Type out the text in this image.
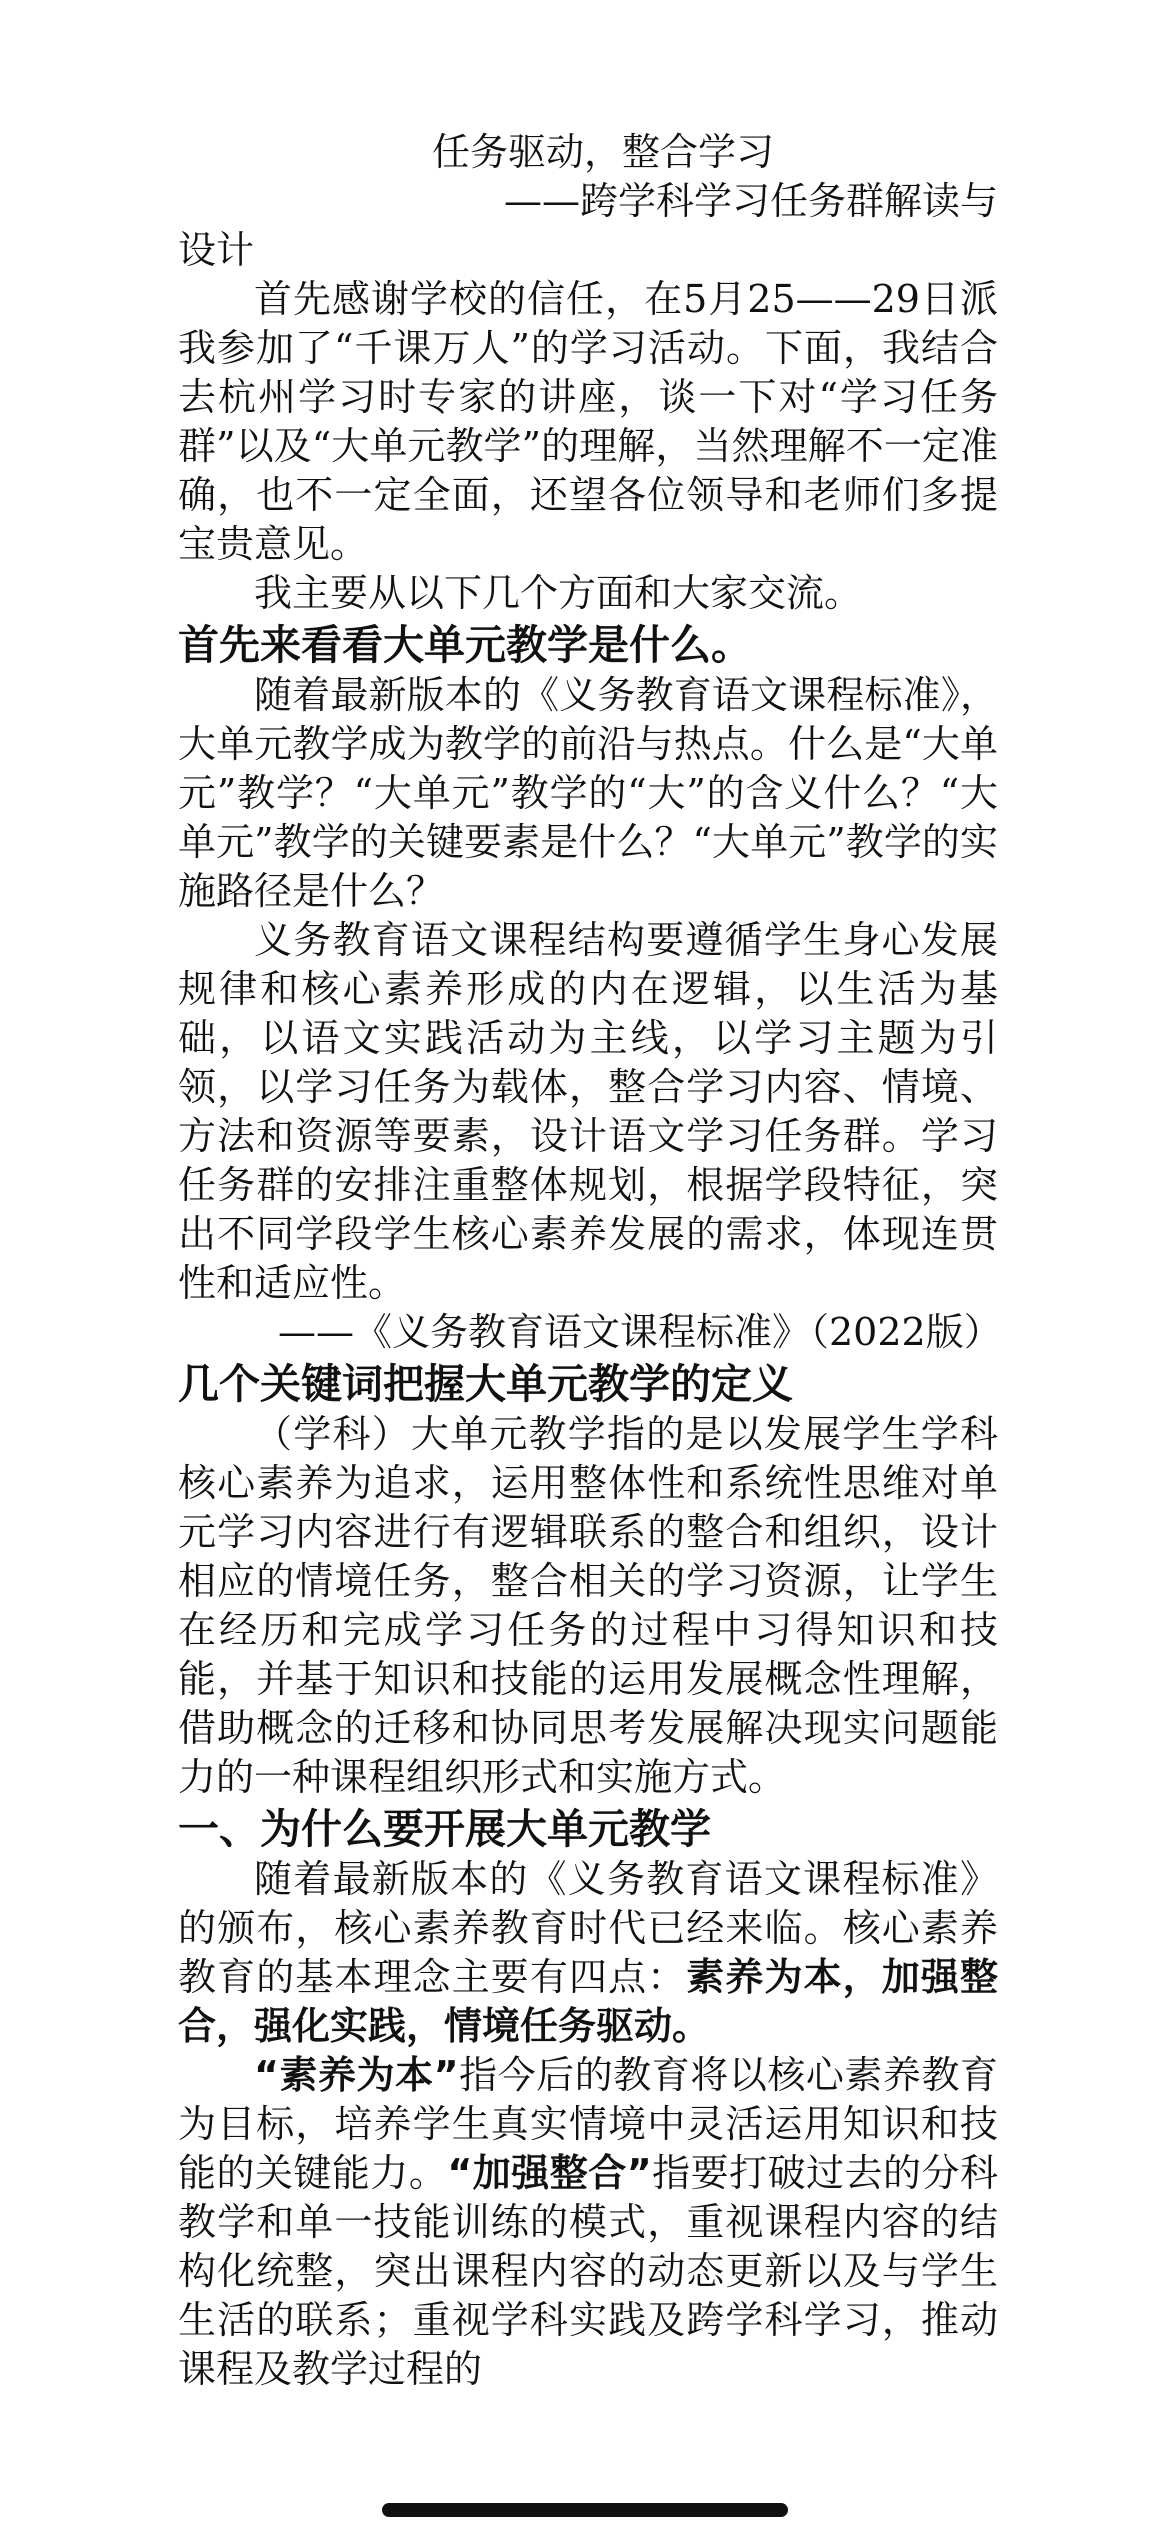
任务驱动，整合学习

——跨学科学习任务群解读与

设计

首先感谢学校的信任，在5月25——29日派我参加了“千课万人”的学习活动。下面，我结合去杭州学习时专家的讲座，谈一下对“学习任务群”以及“大单元教学”的理解，当然理解不一定准确，也不一定全面，还望各位领导和老师们多提宝贵意见。

我主要从以下几个方面和大家交流。

首先来看看大单元教学是什么。

随着最新版本的《义务教育语文课程标准》，大单元教学成为教学的前沿与热点。什么是“大单元”教学？“大单元”教学的“大”的含义什么？“大单元”教学的关键要素是什么？“大单元”教学的实施路径是什么？

义务教育语文课程结构要遵循学生身心发展规律和核心素养形成的内在逻辑，以生活为基础，以语文实践活动为主线，以学习主题为引领，以学习任务为载体，整合学习内容、情境、方法和资源等要素，设计语文学习任务群。学习任务群的安排注重整体规划，根据学段特征，突出不同学段学生核心素养发展的需求，体现连贯性和适应性。

——《义务教育语文课程标准》（2022版）

几个关键词把握大单元教学的定义

（学科）大单元教学指的是以发展学生学科核心素养为追求，运用整体性和系统性思维对单元学习内容进行有逻辑联系的整合和组织，设计相应的情境任务，整合相关的学习资源，让学生在经历和完成学习任务的过程中习得知识和技能，并基于知识和技能的运用发展概念性理解，借助概念的迁移和协同思考发展解决现实问题能力的一种课程组织形式和实施方式。

一、为什么要开展大单元教学

随着最新版本的《义务教育语文课程标准》的颁布，核心素养教育时代已经来临。核心素养教育的基本理念主要有四点：素养为本，加强整合，强化实践，情境任务驱动。

“素养为本”指今后的教育将以核心素养教育为目标，培养学生真实情境中灵活运用知识和技能的关键能力。“加强整合”指要打破过去的分科教学和单一技能训练的模式，重视课程内容的结构化统整，突出课程内容的动态更新以及与学生生活的联系；重视学科实践及跨学科学习，推动课程及教学过程的
